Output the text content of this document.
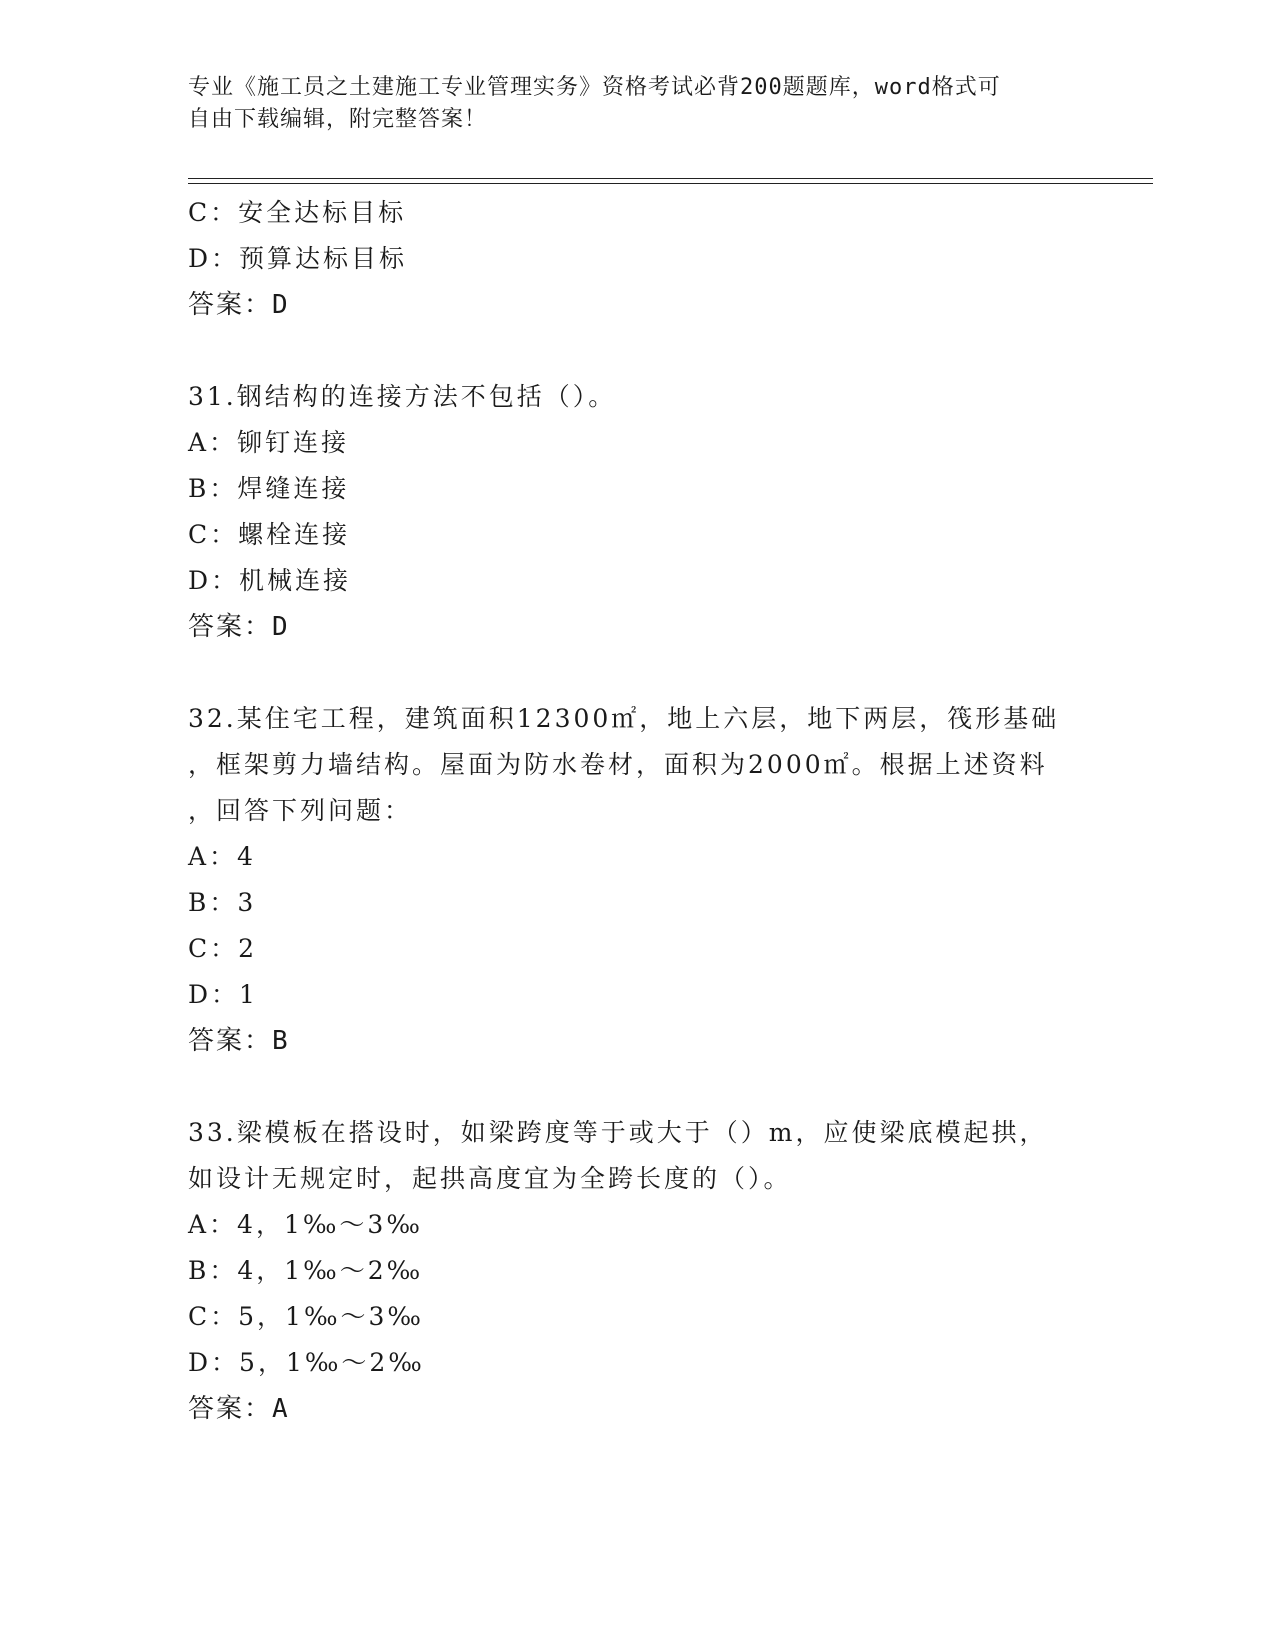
专业《施工员之土建施工专业管理实务》资格考试必背200题题库，word格式可
自由下载编辑，附完整答案！
C：安全达标目标
D：预算达标目标
答案：D
31.钢结构的连接方法不包括（）。
A：铆钉连接
B：焊缝连接
C：螺栓连接
D：机械连接
答案：D
32.某住宅工程，建筑面积12300㎡，地上六层，地下两层，筏形基础
，框架剪力墙结构。屋面为防水卷材，面积为2000㎡。根据上述资料
，回答下列问题：
A：4
B：3
C：2
D：1
答案：B
33.梁模板在搭设时，如梁跨度等于或大于（）m，应使梁底模起拱，
如设计无规定时，起拱高度宜为全跨长度的（）。
A：4，1‰～3‰
B：4，1‰～2‰
C：5，1‰～3‰
D：5，1‰～2‰
答案：A
